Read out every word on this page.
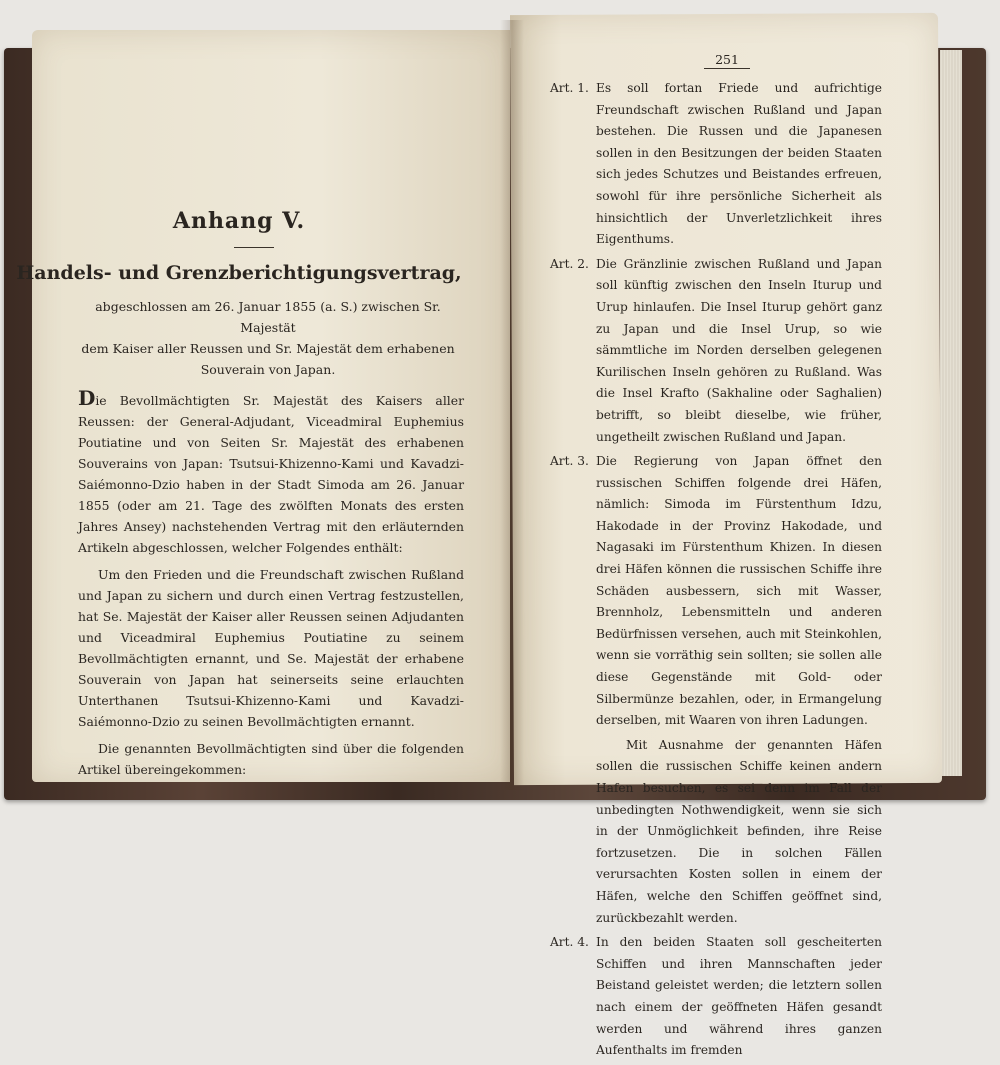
Anhang V.
Handels- und Grenzberichtigungsvertrag,
abgeschlossen am 26. Januar 1855 (a. S.) zwischen Sr. Majestät
dem Kaiser aller Reussen und Sr. Majestät dem erhabenen
Souverain von Japan.

Die Bevollmächtigten Sr. Majestät des Kaisers aller Reussen: der General-Adjudant, Viceadmiral Euphemius Poutiatine und von Seiten Sr. Majestät des erhabenen Souverains von Japan: Tsutsui-Khizenno-Kami und Kavadzi-Saiémonno-Dzio haben in der Stadt Simoda am 26. Januar 1855 (oder am 21. Tage des zwölften Monats des ersten Jahres Ansey) nachstehenden Vertrag mit den erläuternden Artikeln abgeschlossen, welcher Folgendes enthält:

Um den Frieden und die Freundschaft zwischen Rußland und Japan zu sichern und durch einen Vertrag festzustellen, hat Se. Majestät der Kaiser aller Reussen seinen Adjudanten und Viceadmiral Euphemius Poutiatine zu seinem Bevollmächtigten ernannt, und Se. Majestät der erhabene Souverain von Japan hat seinerseits seine erlauchten Unterthanen Tsutsui-Khizenno-Kami und Kavadzi-Saiémonno-Dzio zu seinen Bevollmächtigten ernannt.

Die genannten Bevollmächtigten sind über die folgenden Artikel übereingekommen:

251
Art. 1. Es soll fortan Friede und aufrichtige Freundschaft zwischen Rußland und Japan bestehen. Die Russen und die Japanesen sollen in den Besitzungen der beiden Staaten sich jedes Schutzes und Beistandes erfreuen, sowohl für ihre persönliche Sicherheit als hinsichtlich der Unverletzlichkeit ihres Eigenthums.
Art. 2. Die Gränzlinie zwischen Rußland und Japan soll künftig zwischen den Inseln Iturup und Urup hinlaufen. Die Insel Iturup gehört ganz zu Japan und die Insel Urup, so wie sämmtliche im Norden derselben gelegenen Kurilischen Inseln gehören zu Rußland. Was die Insel Krafto (Sakhaline oder Saghalien) betrifft, so bleibt dieselbe, wie früher, ungetheilt zwischen Rußland und Japan.
Art. 3. Die Regierung von Japan öffnet den russischen Schiffen folgende drei Häfen, nämlich: Simoda im Fürstenthum Idzu, Hakodade in der Provinz Hakodade, und Nagasaki im Fürstenthum Khizen. In diesen drei Häfen können die russischen Schiffe ihre Schäden ausbessern, sich mit Wasser, Brennholz, Lebensmitteln und anderen Bedürfnissen versehen, auch mit Steinkohlen, wenn sie vorräthig sein sollten; sie sollen alle diese Gegenstände mit Gold- oder Silbermünze bezahlen, oder, in Ermangelung derselben, mit Waaren von ihren Ladungen.
Mit Ausnahme der genannten Häfen sollen die russischen Schiffe keinen andern Hafen besuchen, es sei denn im Fall der unbedingten Nothwendigkeit, wenn sie sich in der Unmöglichkeit befinden, ihre Reise fortzusetzen. Die in solchen Fällen verursachten Kosten sollen in einem der Häfen, welche den Schiffen geöffnet sind, zurückbezahlt werden.
Art. 4. In den beiden Staaten soll gescheiterten Schiffen und ihren Mannschaften jeder Beistand geleistet werden; die letztern sollen nach einem der geöffneten Häfen gesandt werden und während ihres ganzen Aufenthalts im fremden
